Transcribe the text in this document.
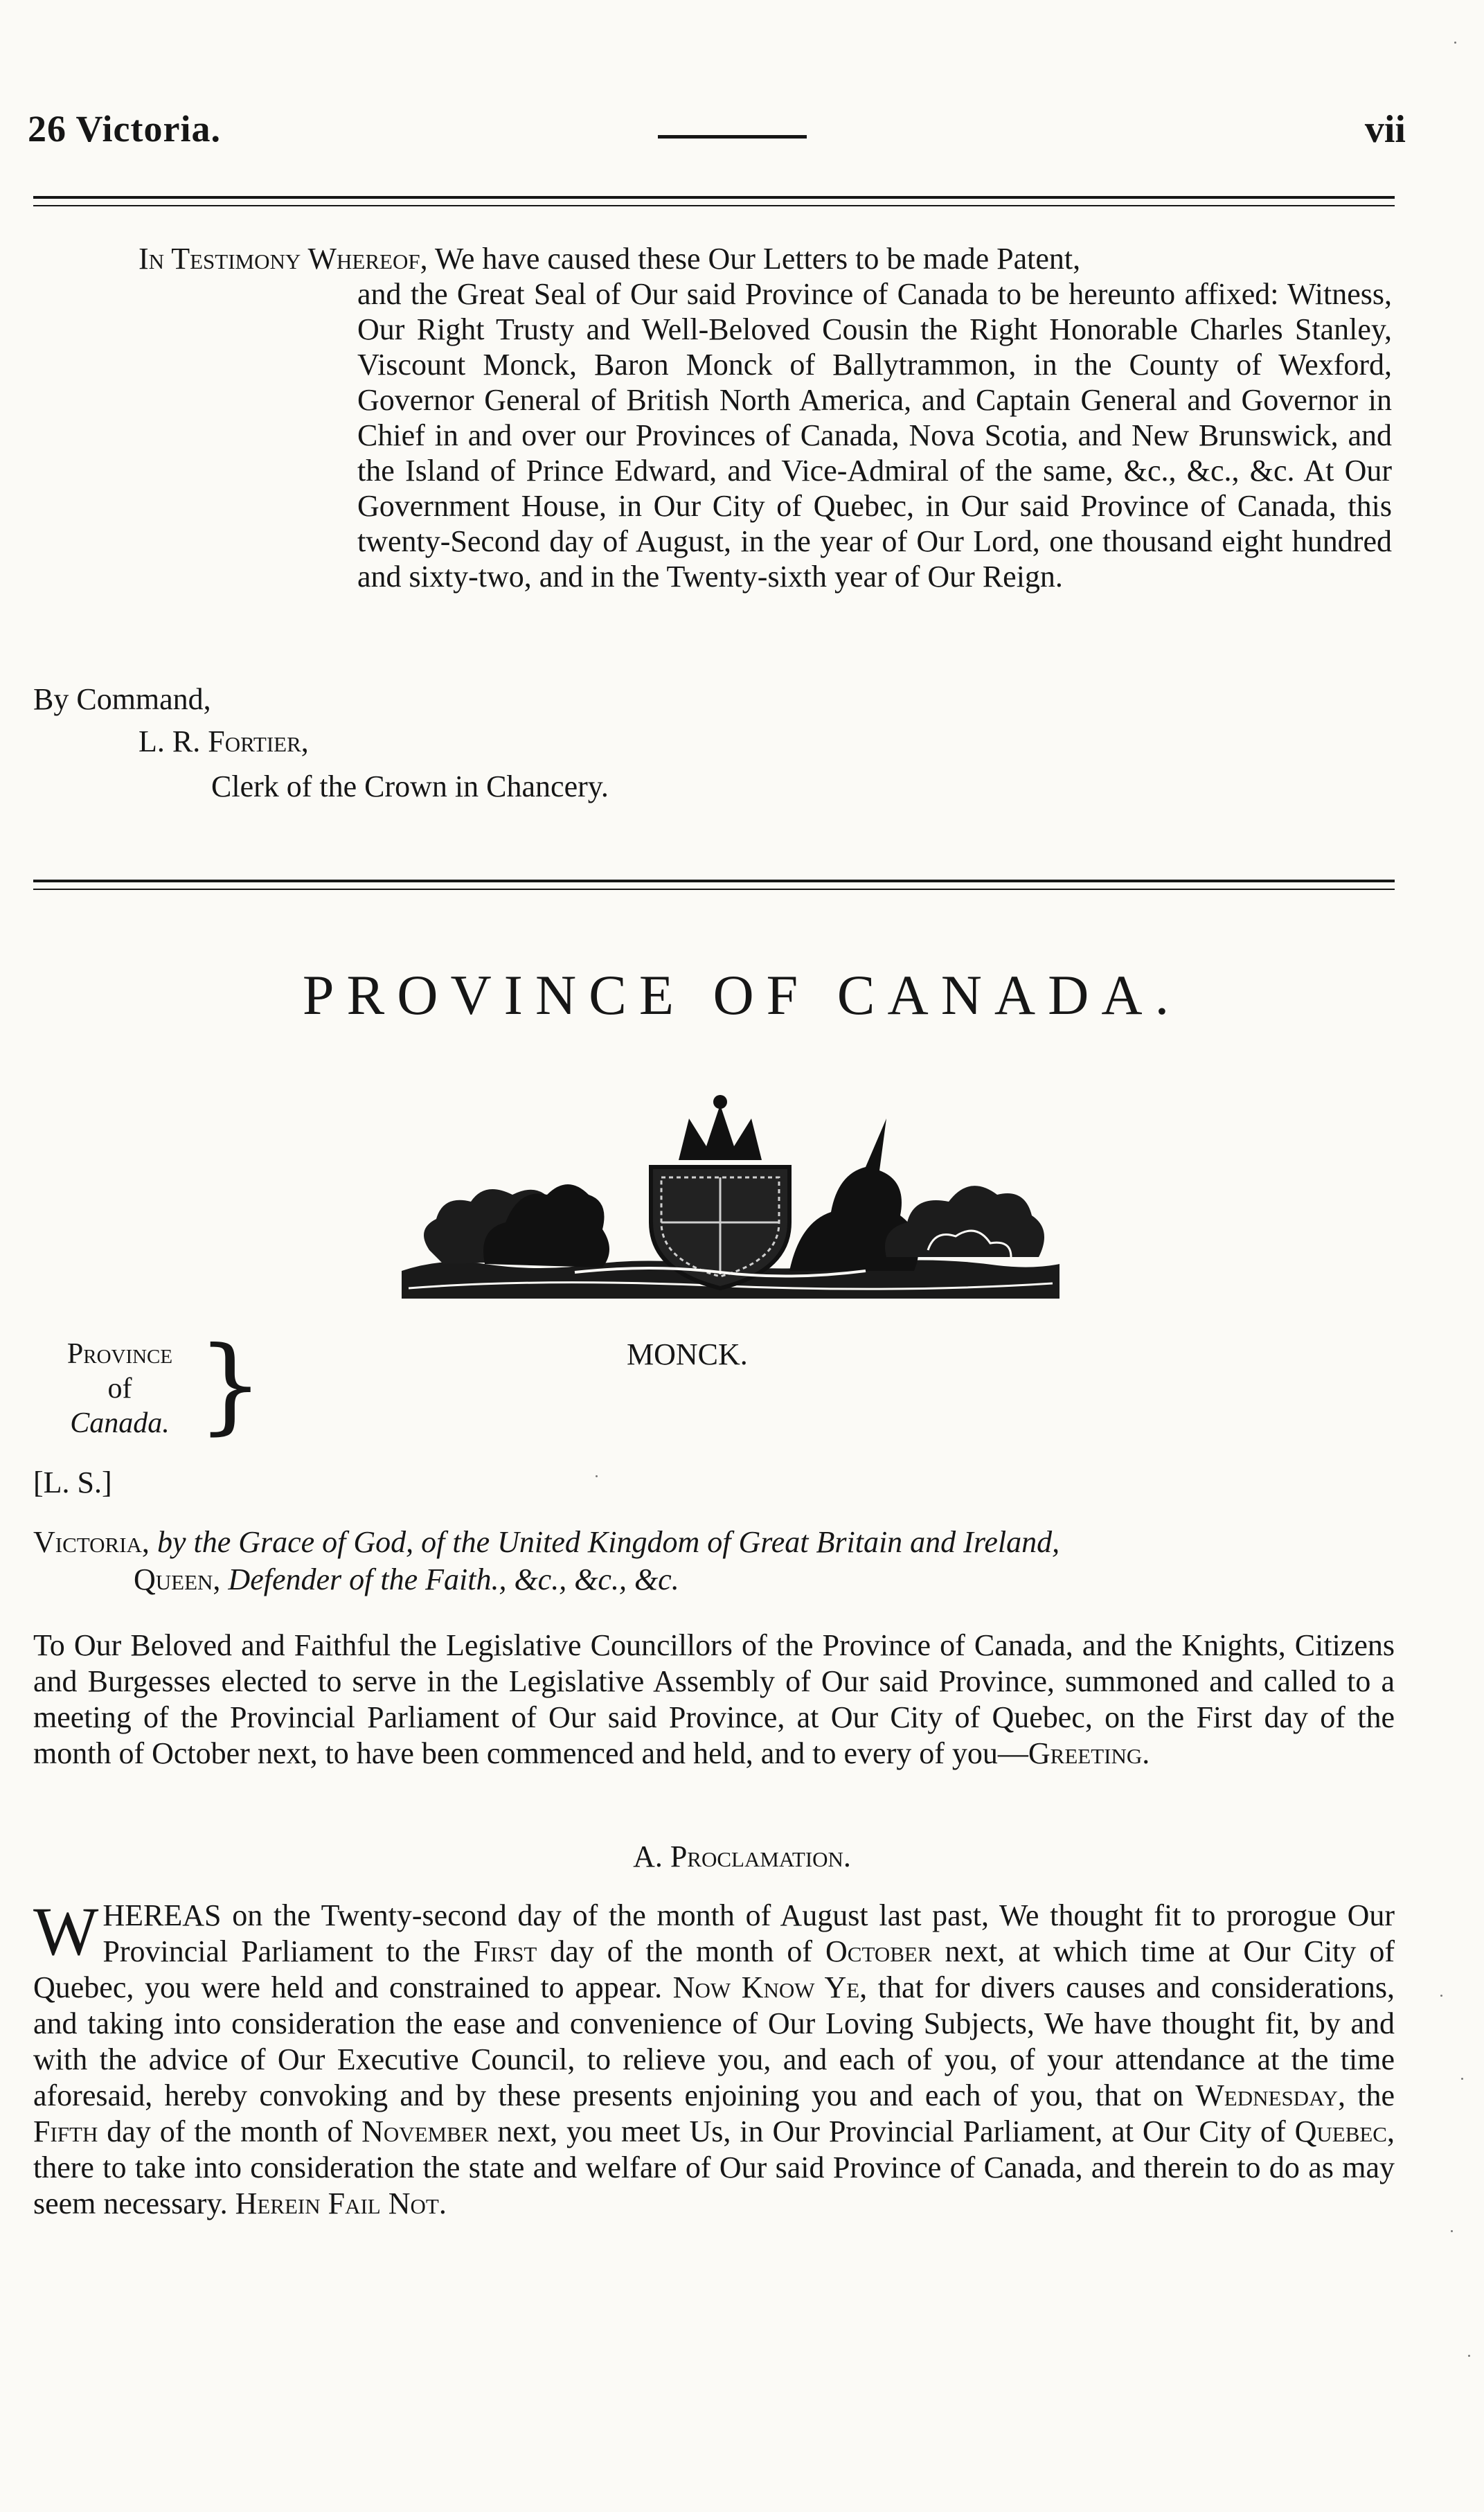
26 Victoria.	vii
In Testimony Whereof, We have caused these Our Letters to be made Patent,
and the Great Seal of Our said Province of Canada to be hereunto affixed: Witness, Our Right Trusty and Well-Beloved Cousin the Right Honorable Charles Stanley, Viscount Monck, Baron Monck of Ballytrammon, in the County of Wexford, Governor General of British North America, and Captain General and Governor in Chief in and over our Provinces of Canada, Nova Scotia, and New Brunswick, and the Island of Prince Edward, and Vice-Admiral of the same, &c., &c., &c. At Our Government House, in Our City of Quebec, in Our said Province of Canada, this twenty-Second day of August, in the year of Our Lord, one thousand eight hundred and sixty-two, and in the Twenty-sixth year of Our Reign.
By Command,
L. R. Fortier,
Clerk of the Crown in Chancery.
PROVINCE OF CANADA.
Province
of
Canada. }	MONCK.
[L. S.]
Victoria, by the Grace of God, of the United Kingdom of Great Britain and Ireland,
Queen, Defender of the Faith., &c., &c., &c.
To Our Beloved and Faithful the Legislative Councillors of the Province of Canada, and the Knights, Citizens and Burgesses elected to serve in the Legislative Assembly of Our said Province, summoned and called to a meeting of the Provincial Parliament of Our said Province, at Our City of Quebec, on the First day of the month of October next, to have been commenced and held, and to every of you—Greeting.
A. Proclamation.
WHEREAS on the Twenty-second day of the month of August last past, We thought fit to prorogue Our Provincial Parliament to the First day of the month of October next, at which time at Our City of Quebec, you were held and constrained to appear. Now Know Ye, that for divers causes and considerations, and taking into consideration the ease and convenience of Our Loving Subjects, We have thought fit, by and with the advice of Our Executive Council, to relieve you, and each of you, of your attendance at the time aforesaid, hereby convoking and by these presents enjoining you and each of you, that on Wednesday, the Fifth day of the month of November next, you meet Us, in Our Provincial Parliament, at Our City of Quebec, there to take into consideration the state and welfare of Our said Province of Canada, and therein to do as may seem necessary. Herein Fail Not.
